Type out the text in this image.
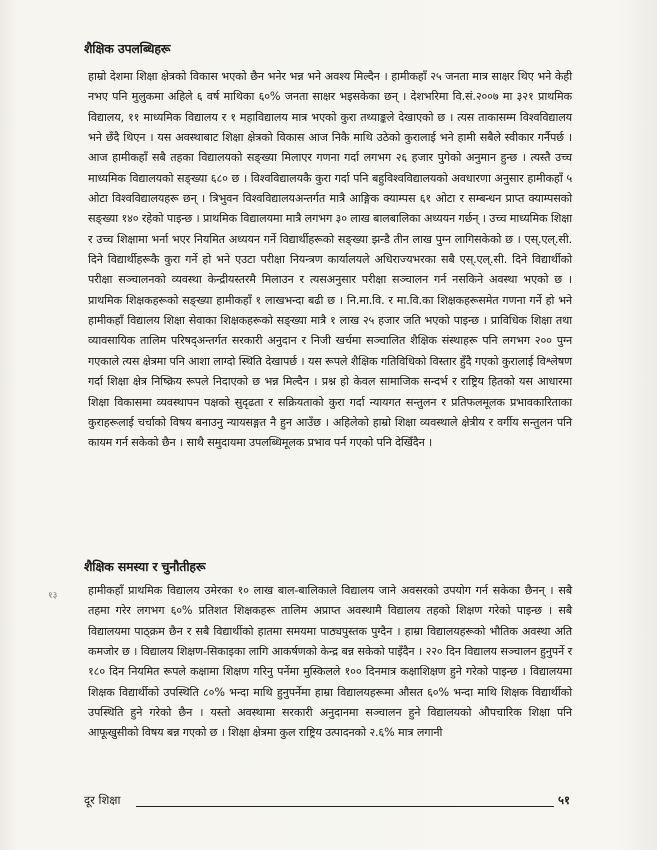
शैक्षिक उपलब्धिहरू

हाम्रो देशमा शिक्षा क्षेत्रको विकास भएको छैन भनेर भन्न भने अवश्य मिल्दैन । हामीकहाँ २५ जनता मात्र साक्षर थिए भने केही नभए पनि मुलुकमा अहिले ६ वर्ष माथिका ६०% जनता साक्षर भइसकेका छन् । देशभरिमा वि.सं.२००७ मा ३२१ प्राथमिक विद्यालय, ११ माध्यमिक विद्यालय र १ महाविद्यालय मात्र भएको कुरा तथ्याङ्कले देखाएको छ । त्यस ताकासम्म विश्वविद्यालय भने छँदै थिएन । यस अवस्थाबाट शिक्षा क्षेत्रको विकास आज निकै माथि उठेको कुरालाई भने हामी सबैले स्वीकार गर्नैपर्छ । आज हामीकहाँ सबै तहका विद्यालयको सङ्ख्या मिलाएर गणना गर्दा लगभग २६ हजार पुगेको अनुमान हुन्छ । त्यस्तै उच्च माध्यमिक विद्यालयको सङ्ख्या ६८० छ । विश्वविद्यालयकै कुरा गर्दा पनि बहुविश्वविद्यालयको अवधारणा अनुसार हामीकहाँ ५ ओटा विश्वविद्यालयहरू छन् । त्रिभुवन विश्वविद्यालयअन्तर्गत मात्रै आङ्गिक क्याम्पस ६१ ओटा र सम्बन्धन प्राप्त क्याम्पसको सङ्ख्या १४० रहेको पाइन्छ । प्राथमिक विद्यालयमा मात्रै लगभग ३० लाख बालबालिका अध्ययन गर्छन् । उच्च माध्यमिक शिक्षा र उच्च शिक्षामा भर्ना भएर नियमित अध्ययन गर्ने विद्यार्थीहरूको सङ्ख्या झन्डै तीन लाख पुग्न लागिसकेको छ । एस्.एल्.सी. दिने विद्यार्थीहरूकै कुरा गर्ने हो भने एउटा परीक्षा नियन्त्रण कार्यालयले अधिराज्यभरका सबै एस्.एल्.सी. दिने विद्यार्थीको परीक्षा सञ्चालनको व्यवस्था केन्द्रीयस्तरमै मिलाउन र त्यसअनुसार परीक्षा सञ्चालन गर्न नसकिने अवस्था भएको छ । प्राथमिक शिक्षकहरूको सङ्ख्या हामीकहाँ १ लाखभन्दा बढी छ । नि.मा.वि. र मा.वि.का शिक्षकहरूसमेत गणना गर्ने हो भने हामीकहाँ विद्यालय शिक्षा सेवाका शिक्षकहरूको सङ्ख्या मात्रै १ लाख २५ हजार जति भएको पाइन्छ । प्राविधिक शिक्षा तथा व्यावसायिक तालिम परिषद्अन्तर्गत सरकारी अनुदान र निजी खर्चमा सञ्चालित शैक्षिक संस्थाहरू पनि लगभग २०० पुग्न गएकाले त्यस क्षेत्रमा पनि आशा लाग्दो स्थिति देखापर्छ । यस रूपले शैक्षिक गतिविधिको विस्तार हुँदै गएको कुरालाई विश्लेषण गर्दा शिक्षा क्षेत्र निष्क्रिय रूपले निदाएको छ भन्न मिल्दैन । प्रश्न हो केवल सामाजिक सन्दर्भ र राष्ट्रिय हितको यस आधारमा शिक्षा विकासमा व्यवस्थापन पक्षको सुदृढता र सक्रियताको कुरा गर्दा न्यायगत सन्तुलन र प्रतिफलमूलक प्रभावकारिताका कुराहरूलाई चर्चाको विषय बनाउनु न्यायसङ्गत नै हुन आउँछ । अहिलेको हाम्रो शिक्षा व्यवस्थाले क्षेत्रीय र वर्गीय सन्तुलन पनि कायम गर्न सकेको छैन । साथै समुदायमा उपलब्धिमूलक प्रभाव पर्न गएको पनि देखिँदैन ।

शैक्षिक समस्या र चुनौतीहरू

हामीकहाँ प्राथमिक विद्यालय उमेरका १० लाख बाल-बालिकाले विद्यालय जाने अवसरको उपयोग गर्न सकेका छैनन् । सबै तहमा गरेर लगभग ६०% प्रतिशत शिक्षकहरू तालिम अप्राप्त अवस्थामै विद्यालय तहको शिक्षण गरेको पाइन्छ । सबै विद्यालयमा पाठ्‌क्रम छैन र सबै विद्यार्थीको हातमा समयमा पाठ्यपुस्तक पुग्दैन । हाम्रा विद्यालयहरूको भौतिक अवस्था अति कमजोर छ । विद्यालय शिक्षण-सिकाइका लागि आकर्षणको केन्द्र बन्न सकेको पाइँदैन । २२० दिन विद्यालय सञ्चालन हुनुपर्ने र १८० दिन नियमित रूपले कक्षामा शिक्षण गरिनु पर्नेमा मुस्किलले १०० दिनमात्र कक्षाशिक्षण हुने गरेको पाइन्छ । विद्यालयमा शिक्षक विद्यार्थीको उपस्थिति ८०% भन्दा माथि हुनुपर्नेमा हाम्रा विद्यालयहरूमा औसत ६०% भन्दा माथि शिक्षक विद्यार्थीको उपस्थिति हुने गरेको छैन । यस्तो अवस्थामा सरकारी अनुदानमा सञ्चालन हुने विद्यालयको औपचारिक शिक्षा पनि आफूखुसीको विषय बन्न गएको छ । शिक्षा क्षेत्रमा कुल राष्ट्रिय उत्पादनको २.६% मात्र लगानी

१३
दूर शिक्षा	५१
